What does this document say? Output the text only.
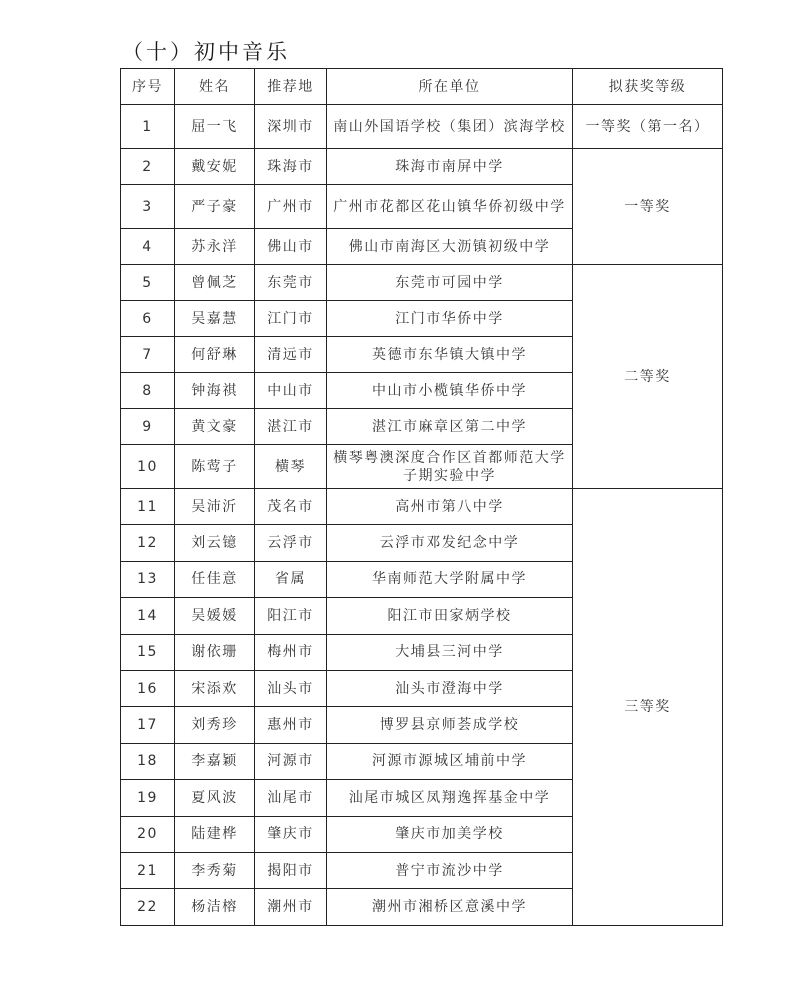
（十）初中音乐
序号	姓名	推荐地	所在单位	拟获奖等级
1	屈一飞	深圳市	南山外国语学校（集团）滨海学校	一等奖（第一名）
2	戴安妮	珠海市	珠海市南屏中学	一等奖
3	严子豪	广州市	广州市花都区花山镇华侨初级中学	
4	苏永洋	佛山市	佛山市南海区大沥镇初级中学	
5	曾佩芝	东莞市	东莞市可园中学	二等奖
6	吴嘉慧	江门市	江门市华侨中学	
7	何舒琳	清远市	英德市东华镇大镇中学	
8	钟海祺	中山市	中山市小榄镇华侨中学	
9	黄文豪	湛江市	湛江市麻章区第二中学	
10	陈莺子	横琴	横琴粤澳深度合作区首都师范大学子期实验中学	
11	吴沛沂	茂名市	高州市第八中学	三等奖
12	刘云镱	云浮市	云浮市邓发纪念中学	
13	任佳意	省属	华南师范大学附属中学	
14	吴媛媛	阳江市	阳江市田家炳学校	
15	谢依珊	梅州市	大埔县三河中学	
16	宋添欢	汕头市	汕头市澄海中学	
17	刘秀珍	惠州市	博罗县京师荟成学校	
18	李嘉颖	河源市	河源市源城区埔前中学	
19	夏风波	汕尾市	汕尾市城区凤翔逸挥基金中学	
20	陆建桦	肇庆市	肇庆市加美学校	
21	李秀菊	揭阳市	普宁市流沙中学	
22	杨洁榕	潮州市	潮州市湘桥区意溪中学	
